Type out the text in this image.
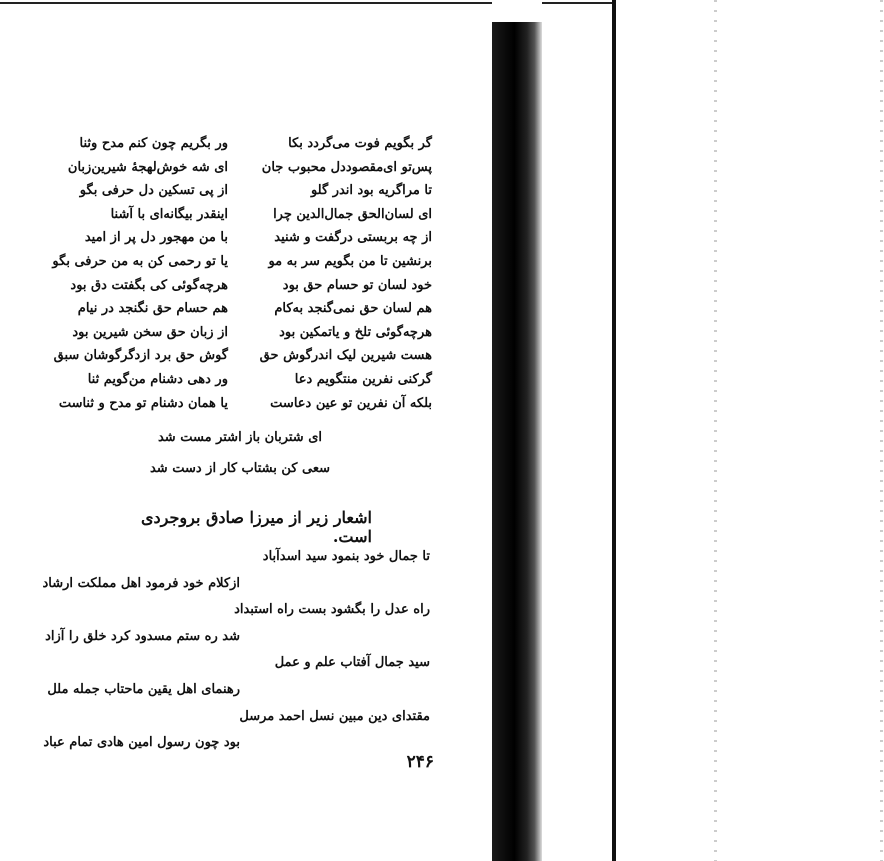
گر بگویم فوت می‌گردد بکا
ور بگریم چون کنم مدح وثنا
پس‌تو ای‌مقصوددل محبوب جان
ای شه خوش‌لهجهٔ شیرین‌زبان
تا مراگریه بود اندر گلو
از پی تسکین دل حرفی بگو
ای لسان‌الحق جمال‌الدین چرا
اینقدر بیگانه‌ای با آشنا
از چه بربستی درگفت و شنید
با من مهجور دل پر از امید
برنشین تا من بگویم سر به مو
یا تو رحمی کن به من حرفی بگو
خود لسان تو حسام حق بود
هرچه‌گوئی کی بگفتت دق بود
هم لسان حق نمی‌گنجد به‌کام
هم حسام حق نگنجد در نیام
هرچه‌گوئی تلخ و یاتمکین بود
از زبان حق سخن شیرین بود
هست شیرین لیک اندرگوش حق
گوش حق برد ازدگرگوشان سبق
گرکنی نفرین منتگویم دعا
ور دهی دشنام من‌گویم ثنا
بلکه آن نفرین تو عین دعاست
یا همان دشنام تو مدح و ثناست
ای شتربان باز اشتر مست شد
سعی کن بشتاب کار از دست شد
اشعار زیر از میرزا صادق بروجردی است.
تا جمال خود بنمود سید اسدآباد
ازکلام خود فرمود اهل مملکت ارشاد
راه عدل را بگشود بست راه استبداد
شد ره ستم مسدود کرد خلق را آزاد
سید جمال آفتاب علم و عمل
رهنمای اهل یقین ماحتاب جمله ملل
مقتدای دین مبین نسل احمد مرسل
بود چون رسول امین هادی تمام عباد
۲۴۶
